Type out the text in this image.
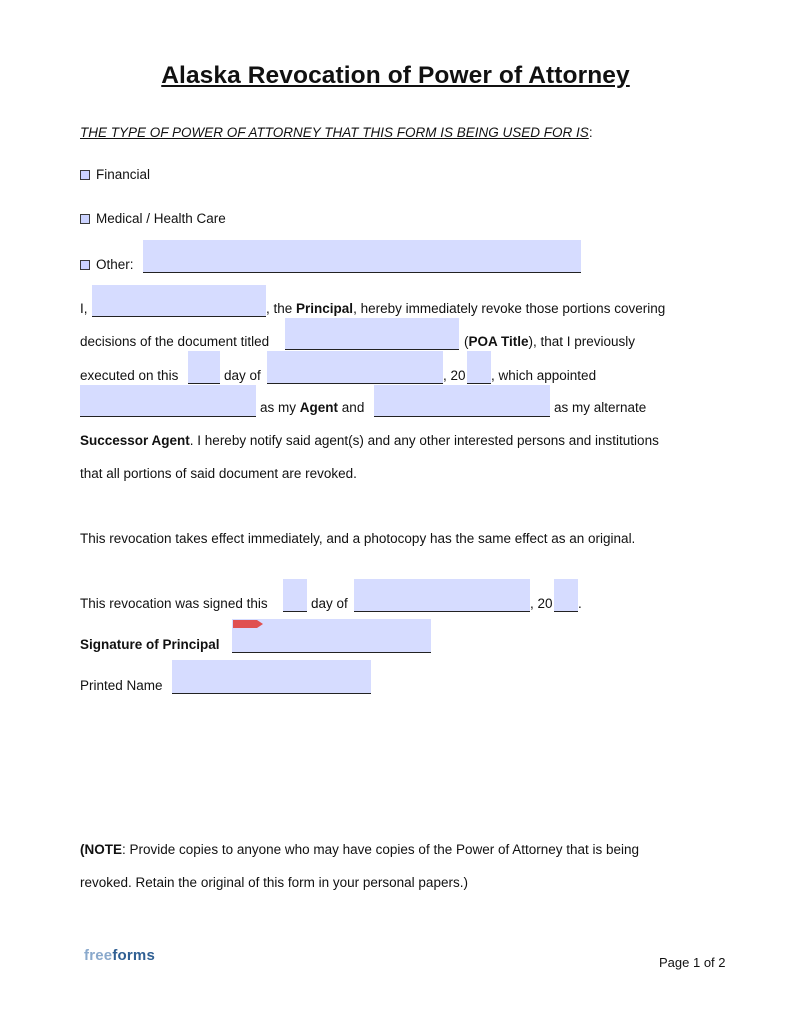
Alaska Revocation of Power of Attorney

THE TYPE OF POWER OF ATTORNEY THAT THIS FORM IS BEING USED FOR IS:

Financial
Medical / Health Care
Other:
I,	, the Principal, hereby immediately revoke those portions covering
decisions of the document titled	(POA Title), that I previously
executed on this	day of	, 20 , which appointed
as my Agent and	as my alternate
Successor Agent. I hereby notify said agent(s) and any other interested persons and institutions
that all portions of said document are revoked.
This revocation takes effect immediately, and a photocopy has the same effect as an original.
This revocation was signed this	day of	, 20 .
Signature of Principal
Printed Name
(NOTE: Provide copies to anyone who may have copies of the Power of Attorney that is being
revoked. Retain the original of this form in your personal papers.)
freeforms	Page 1 of 2
